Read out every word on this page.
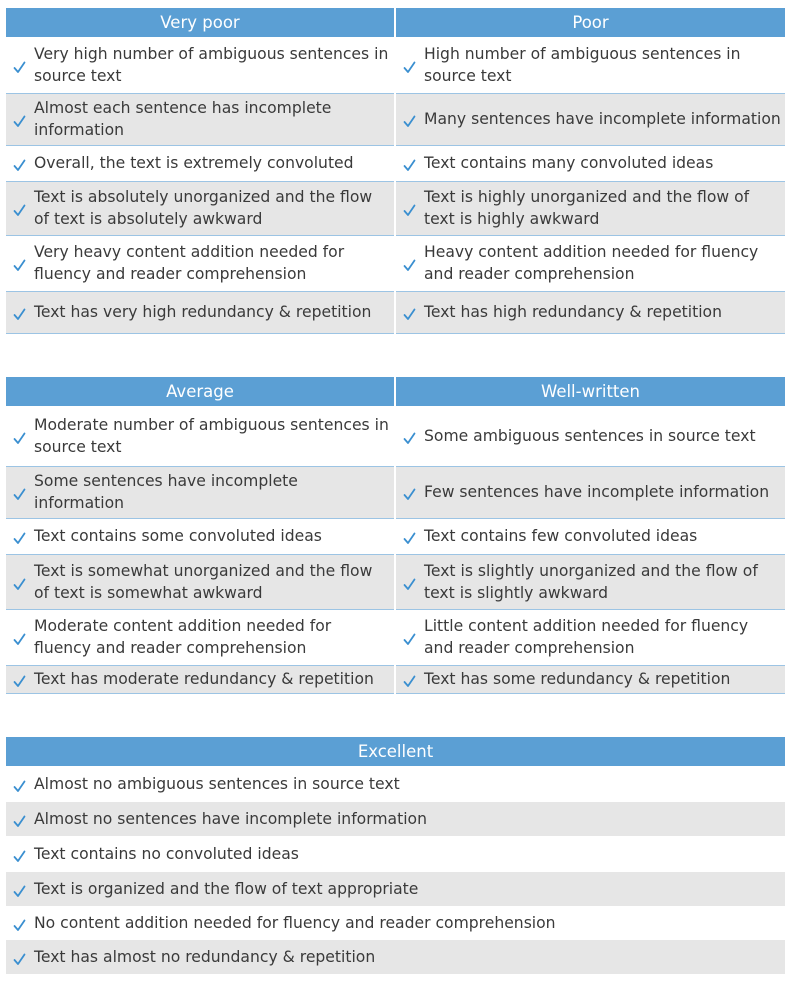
Very poor	Poor

Very high number of ambiguous sentences in source text	High number of ambiguous sentences in source text

Almost each sentence has incomplete information	Many sentences have incomplete information

Overall, the text is extremely convoluted	Text contains many convoluted ideas

Text is absolutely unorganized and the flow of text is absolutely awkward	Text is highly unorganized and the flow of text is highly awkward

Very heavy content addition needed for fluency and reader comprehension	Heavy content addition needed for fluency and reader comprehension

Text has very high redundancy & repetition	Text has high redundancy & repetition
Average	Well-written

Moderate number of ambiguous sentences in source text	Some ambiguous sentences in source text

Some sentences have incomplete information	Few sentences have incomplete information

Text contains some convoluted ideas	Text contains few convoluted ideas

Text is somewhat unorganized and the flow of text is somewhat awkward	Text is slightly unorganized and the flow of text is slightly awkward

Moderate content addition needed for fluency and reader comprehension	Little content addition needed for fluency and reader comprehension

Text has moderate redundancy & repetition	Text has some redundancy & repetition
Excellent

Almost no ambiguous sentences in source text

Almost no sentences have incomplete information

Text contains no convoluted ideas

Text is organized and the flow of text appropriate

No content addition needed for fluency and reader comprehension

Text has almost no redundancy & repetition
